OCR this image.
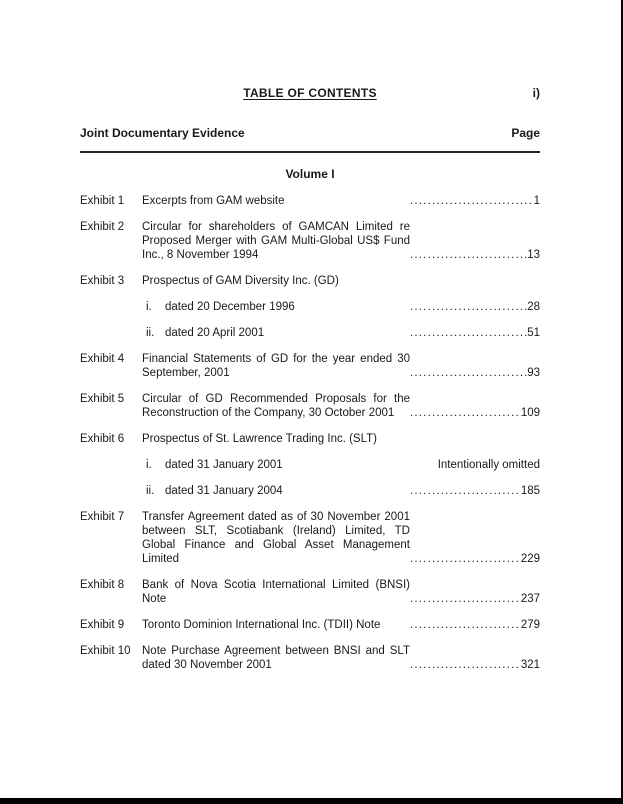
TABLE OF CONTENTS	i)
Joint Documentary Evidence	Page
Volume I
Exhibit 1	Excerpts from GAM website .....	1
Exhibit 2	Circular for shareholders of GAMCAN Limited re Proposed Merger with GAM Multi-Global US$ Fund Inc., 8 November 1994 .....	13
Exhibit 3	Prospectus of GAM Diversity Inc. (GD)
i. dated 20 December 1996 .....	28
ii. dated 20 April 2001 .....	51
Exhibit 4	Financial Statements of GD for the year ended 30 September, 2001 .....	93
Exhibit 5	Circular of GD Recommended Proposals for the Reconstruction of the Company, 30 October 2001 .....	109
Exhibit 6	Prospectus of St. Lawrence Trading Inc. (SLT)
i. dated 31 January 2001	Intentionally omitted
ii. dated 31 January 2004 .....	185
Exhibit 7	Transfer Agreement dated as of 30 November 2001 between SLT, Scotiabank (Ireland) Limited, TD Global Finance and Global Asset Management Limited .....	229
Exhibit 8	Bank of Nova Scotia International Limited (BNSI) Note .....	237
Exhibit 9	Toronto Dominion International Inc. (TDII) Note .....	279
Exhibit 10 Note Purchase Agreement between BNSI and SLT dated 30 November 2001 .....	321
